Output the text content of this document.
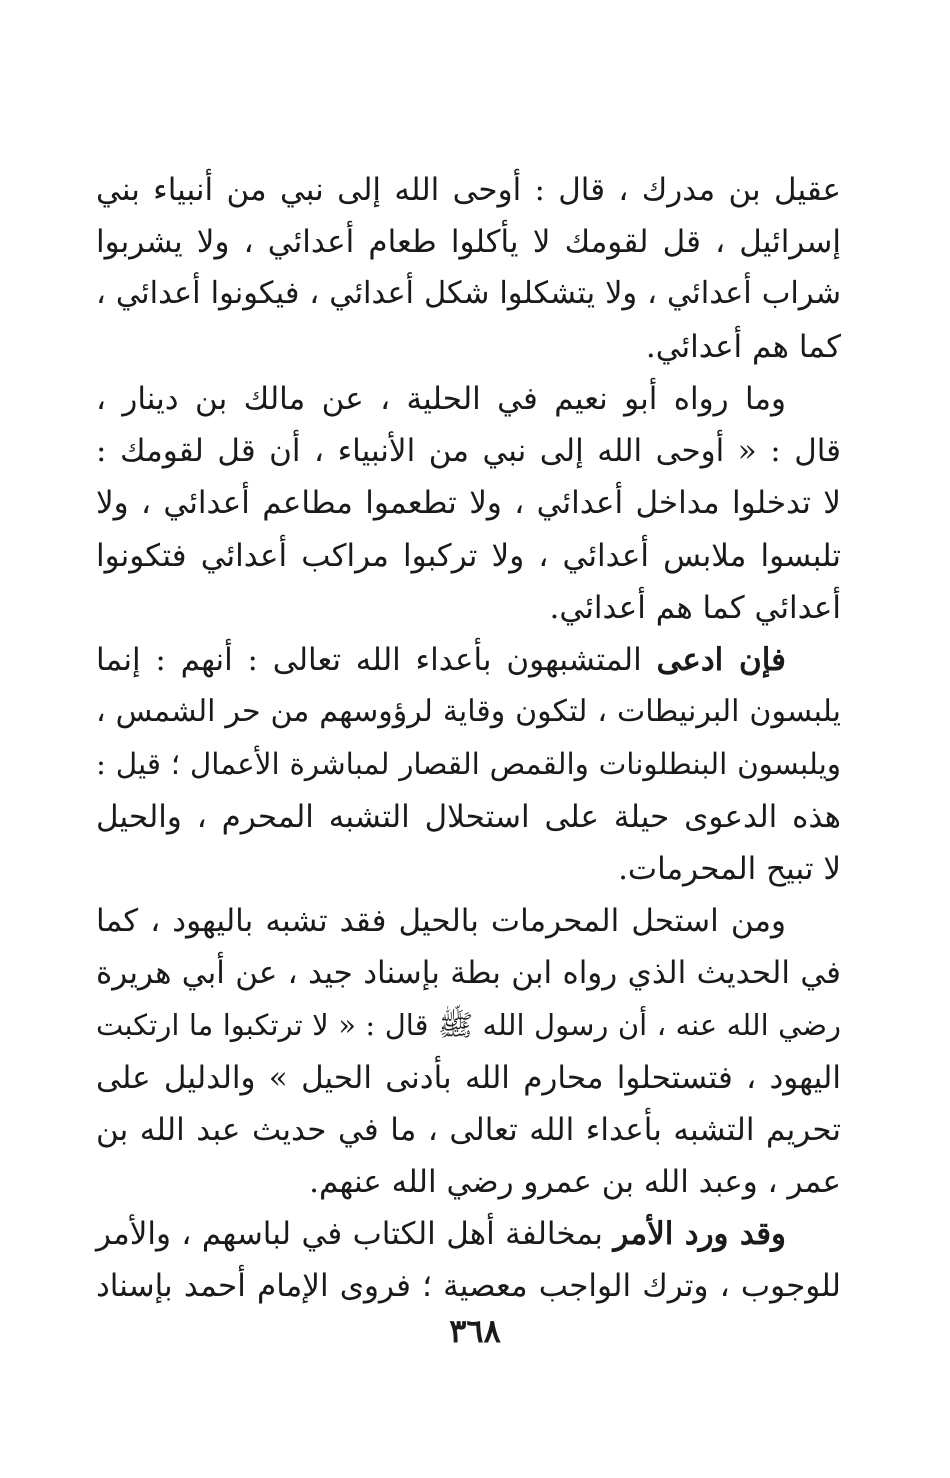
عقيل بن مدرك ، قال : أوحى الله إلى نبي من أنبياء بني
إسرائيل ، قل لقومك لا يأكلوا طعام أعدائي ، ولا يشربوا
شراب أعدائي ، ولا يتشكلوا شكل أعدائي ، فيكونوا أعدائي ،
كما هم أعدائي.
وما رواه أبو نعيم في الحلية ، عن مالك بن دينار ،
قال : « أوحى الله إلى نبي من الأنبياء ، أن قل لقومك :
لا تدخلوا مداخل أعدائي ، ولا تطعموا مطاعم أعدائي ، ولا
تلبسوا ملابس أعدائي ، ولا تركبوا مراكب أعدائي فتكونوا
أعدائي كما هم أعدائي.
فإن ادعى المتشبهون بأعداء الله تعالى : أنهم : إنما
يلبسون البرنيطات ، لتكون وقاية لرؤوسهم من حر الشمس ،
ويلبسون البنطلونات والقمص القصار لمباشرة الأعمال ؛ قيل :
هذه الدعوى حيلة على استحلال التشبه المحرم ، والحيل
لا تبيح المحرمات.
ومن استحل المحرمات بالحيل فقد تشبه باليهود ، كما
في الحديث الذي رواه ابن بطة بإسناد جيد ، عن أبي هريرة
رضي الله عنه ، أن رسول الله ﷺ قال : « لا ترتكبوا ما ارتكبت
اليهود ، فتستحلوا محارم الله بأدنى الحيل » والدليل على
تحريم التشبه بأعداء الله تعالى ، ما في حديث عبد الله بن
عمر ، وعبد الله بن عمرو رضي الله عنهم.
وقد ورد الأمر بمخالفة أهل الكتاب في لباسهم ، والأمر
للوجوب ، وترك الواجب معصية ؛ فروى الإمام أحمد بإسناد
٣٦٨
